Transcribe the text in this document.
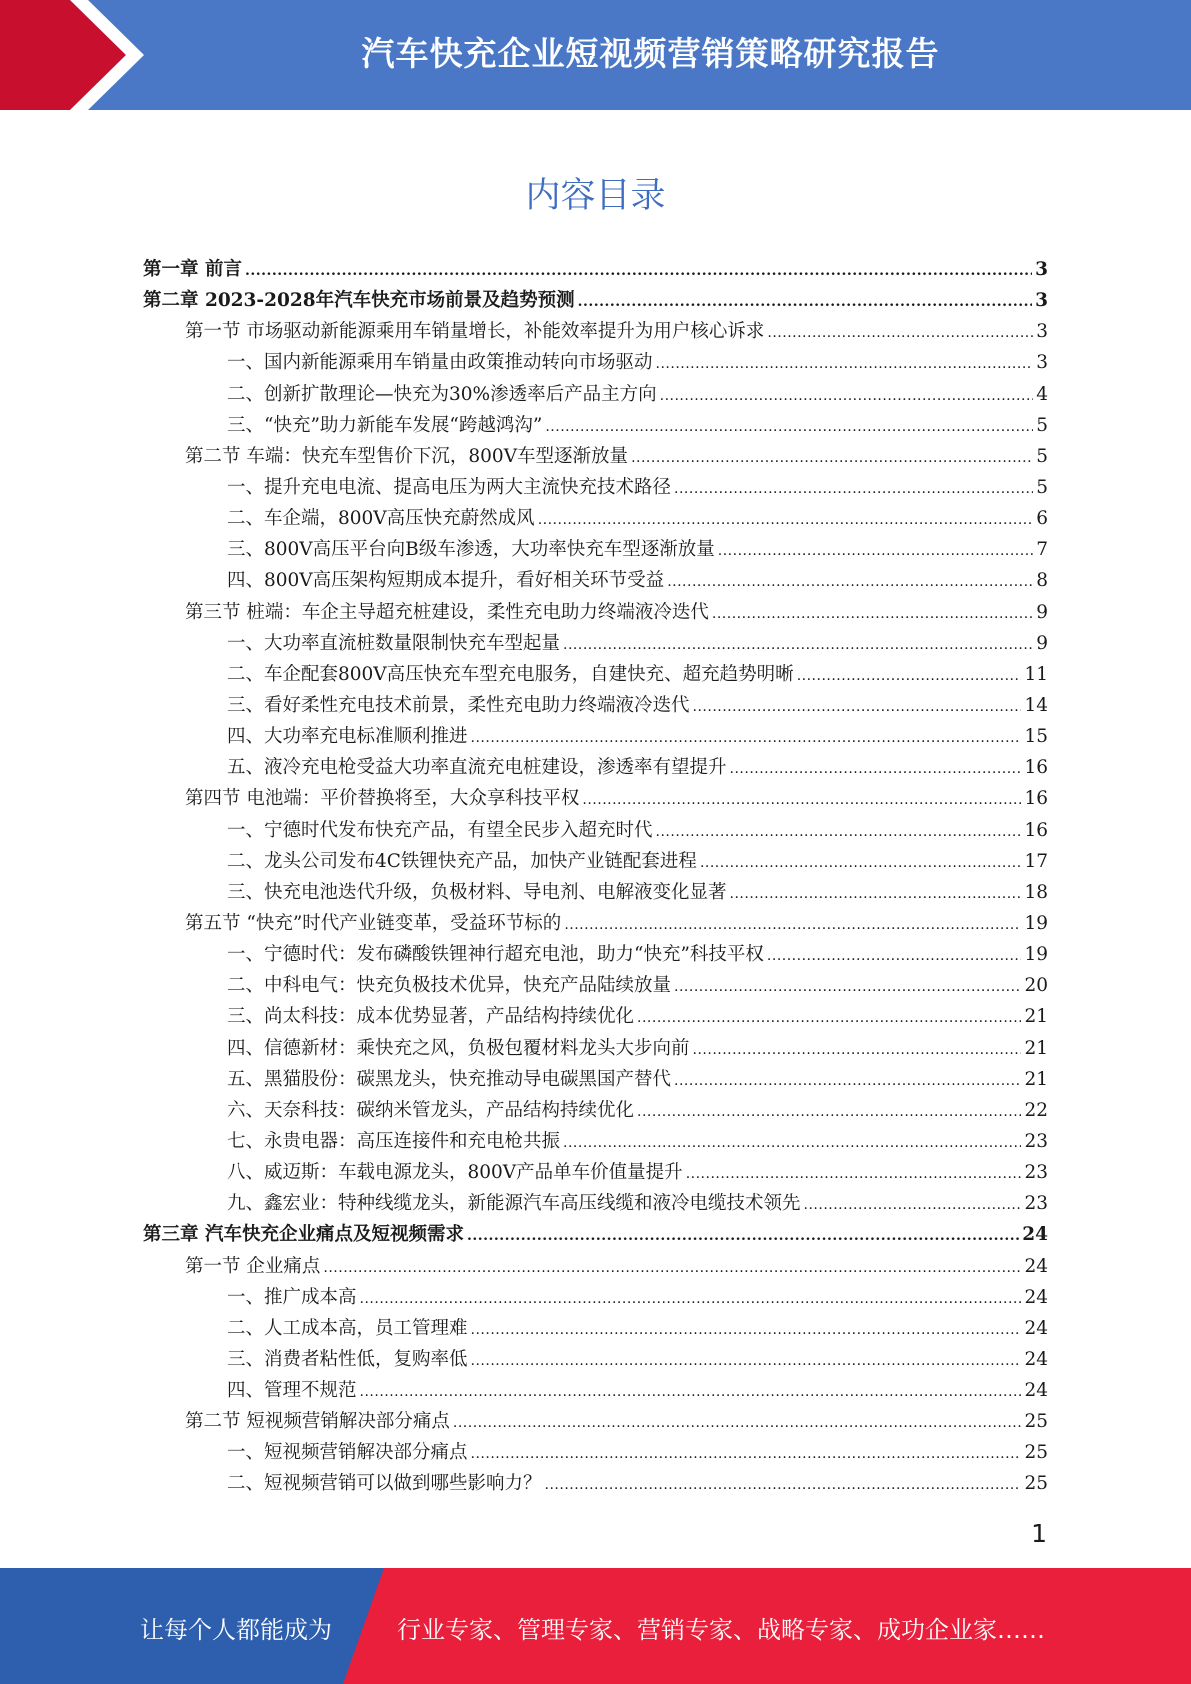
汽车快充企业短视频营销策略研究报告
内容目录
第一章 前言 .....	3
第二章 2023-2028年汽车快充市场前景及趋势预测 .....	3
第一节 市场驱动新能源乘用车销量增长，补能效率提升为用户核心诉求 .....	3
一、国内新能源乘用车销量由政策推动转向市场驱动 .....	3
二、创新扩散理论—快充为30%渗透率后产品主方向 .....	4
三、“快充”助力新能车发展“跨越鸿沟” .....	5
第二节 车端：快充车型售价下沉，800V车型逐渐放量 .....	5
一、提升充电电流、提高电压为两大主流快充技术路径 .....	5
二、车企端，800V高压快充蔚然成风 .....	6
三、800V高压平台向B级车渗透，大功率快充车型逐渐放量 .....	7
四、800V高压架构短期成本提升，看好相关环节受益 .....	8
第三节 桩端：车企主导超充桩建设，柔性充电助力终端液冷迭代 .....	9
一、大功率直流桩数量限制快充车型起量 .....	9
二、车企配套800V高压快充车型充电服务，自建快充、超充趋势明晰 .....	11
三、看好柔性充电技术前景，柔性充电助力终端液冷迭代 .....	14
四、大功率充电标准顺利推进 .....	15
五、液冷充电枪受益大功率直流充电桩建设，渗透率有望提升 .....	16
第四节 电池端：平价替换将至，大众享科技平权 .....	16
一、宁德时代发布快充产品，有望全民步入超充时代 .....	16
二、龙头公司发布4C铁锂快充产品，加快产业链配套进程 .....	17
三、快充电池迭代升级，负极材料、导电剂、电解液变化显著 .....	18
第五节 “快充”时代产业链变革，受益环节标的 .....	19
一、宁德时代：发布磷酸铁锂神行超充电池，助力“快充”科技平权 .....	19
二、中科电气：快充负极技术优异，快充产品陆续放量 .....	20
三、尚太科技：成本优势显著，产品结构持续优化 .....	21
四、信德新材：乘快充之风，负极包覆材料龙头大步向前 .....	21
五、黑猫股份：碳黑龙头，快充推动导电碳黑国产替代 .....	21
六、天奈科技：碳纳米管龙头，产品结构持续优化 .....	22
七、永贵电器：高压连接件和充电枪共振 .....	23
八、威迈斯：车载电源龙头，800V产品单车价值量提升 .....	23
九、鑫宏业：特种线缆龙头，新能源汽车高压线缆和液冷电缆技术领先 .....	23
第三章 汽车快充企业痛点及短视频需求 .....	24
第一节 企业痛点 .....	24
一、推广成本高 .....	24
二、人工成本高，员工管理难 .....	24
三、消费者粘性低，复购率低 .....	24
四、管理不规范 .....	24
第二节 短视频营销解决部分痛点 .....	25
一、短视频营销解决部分痛点 .....	25
二、短视频营销可以做到哪些影响力？ .....	25
1
让每个人都能成为	行业专家、管理专家、营销专家、战略专家、成功企业家……
